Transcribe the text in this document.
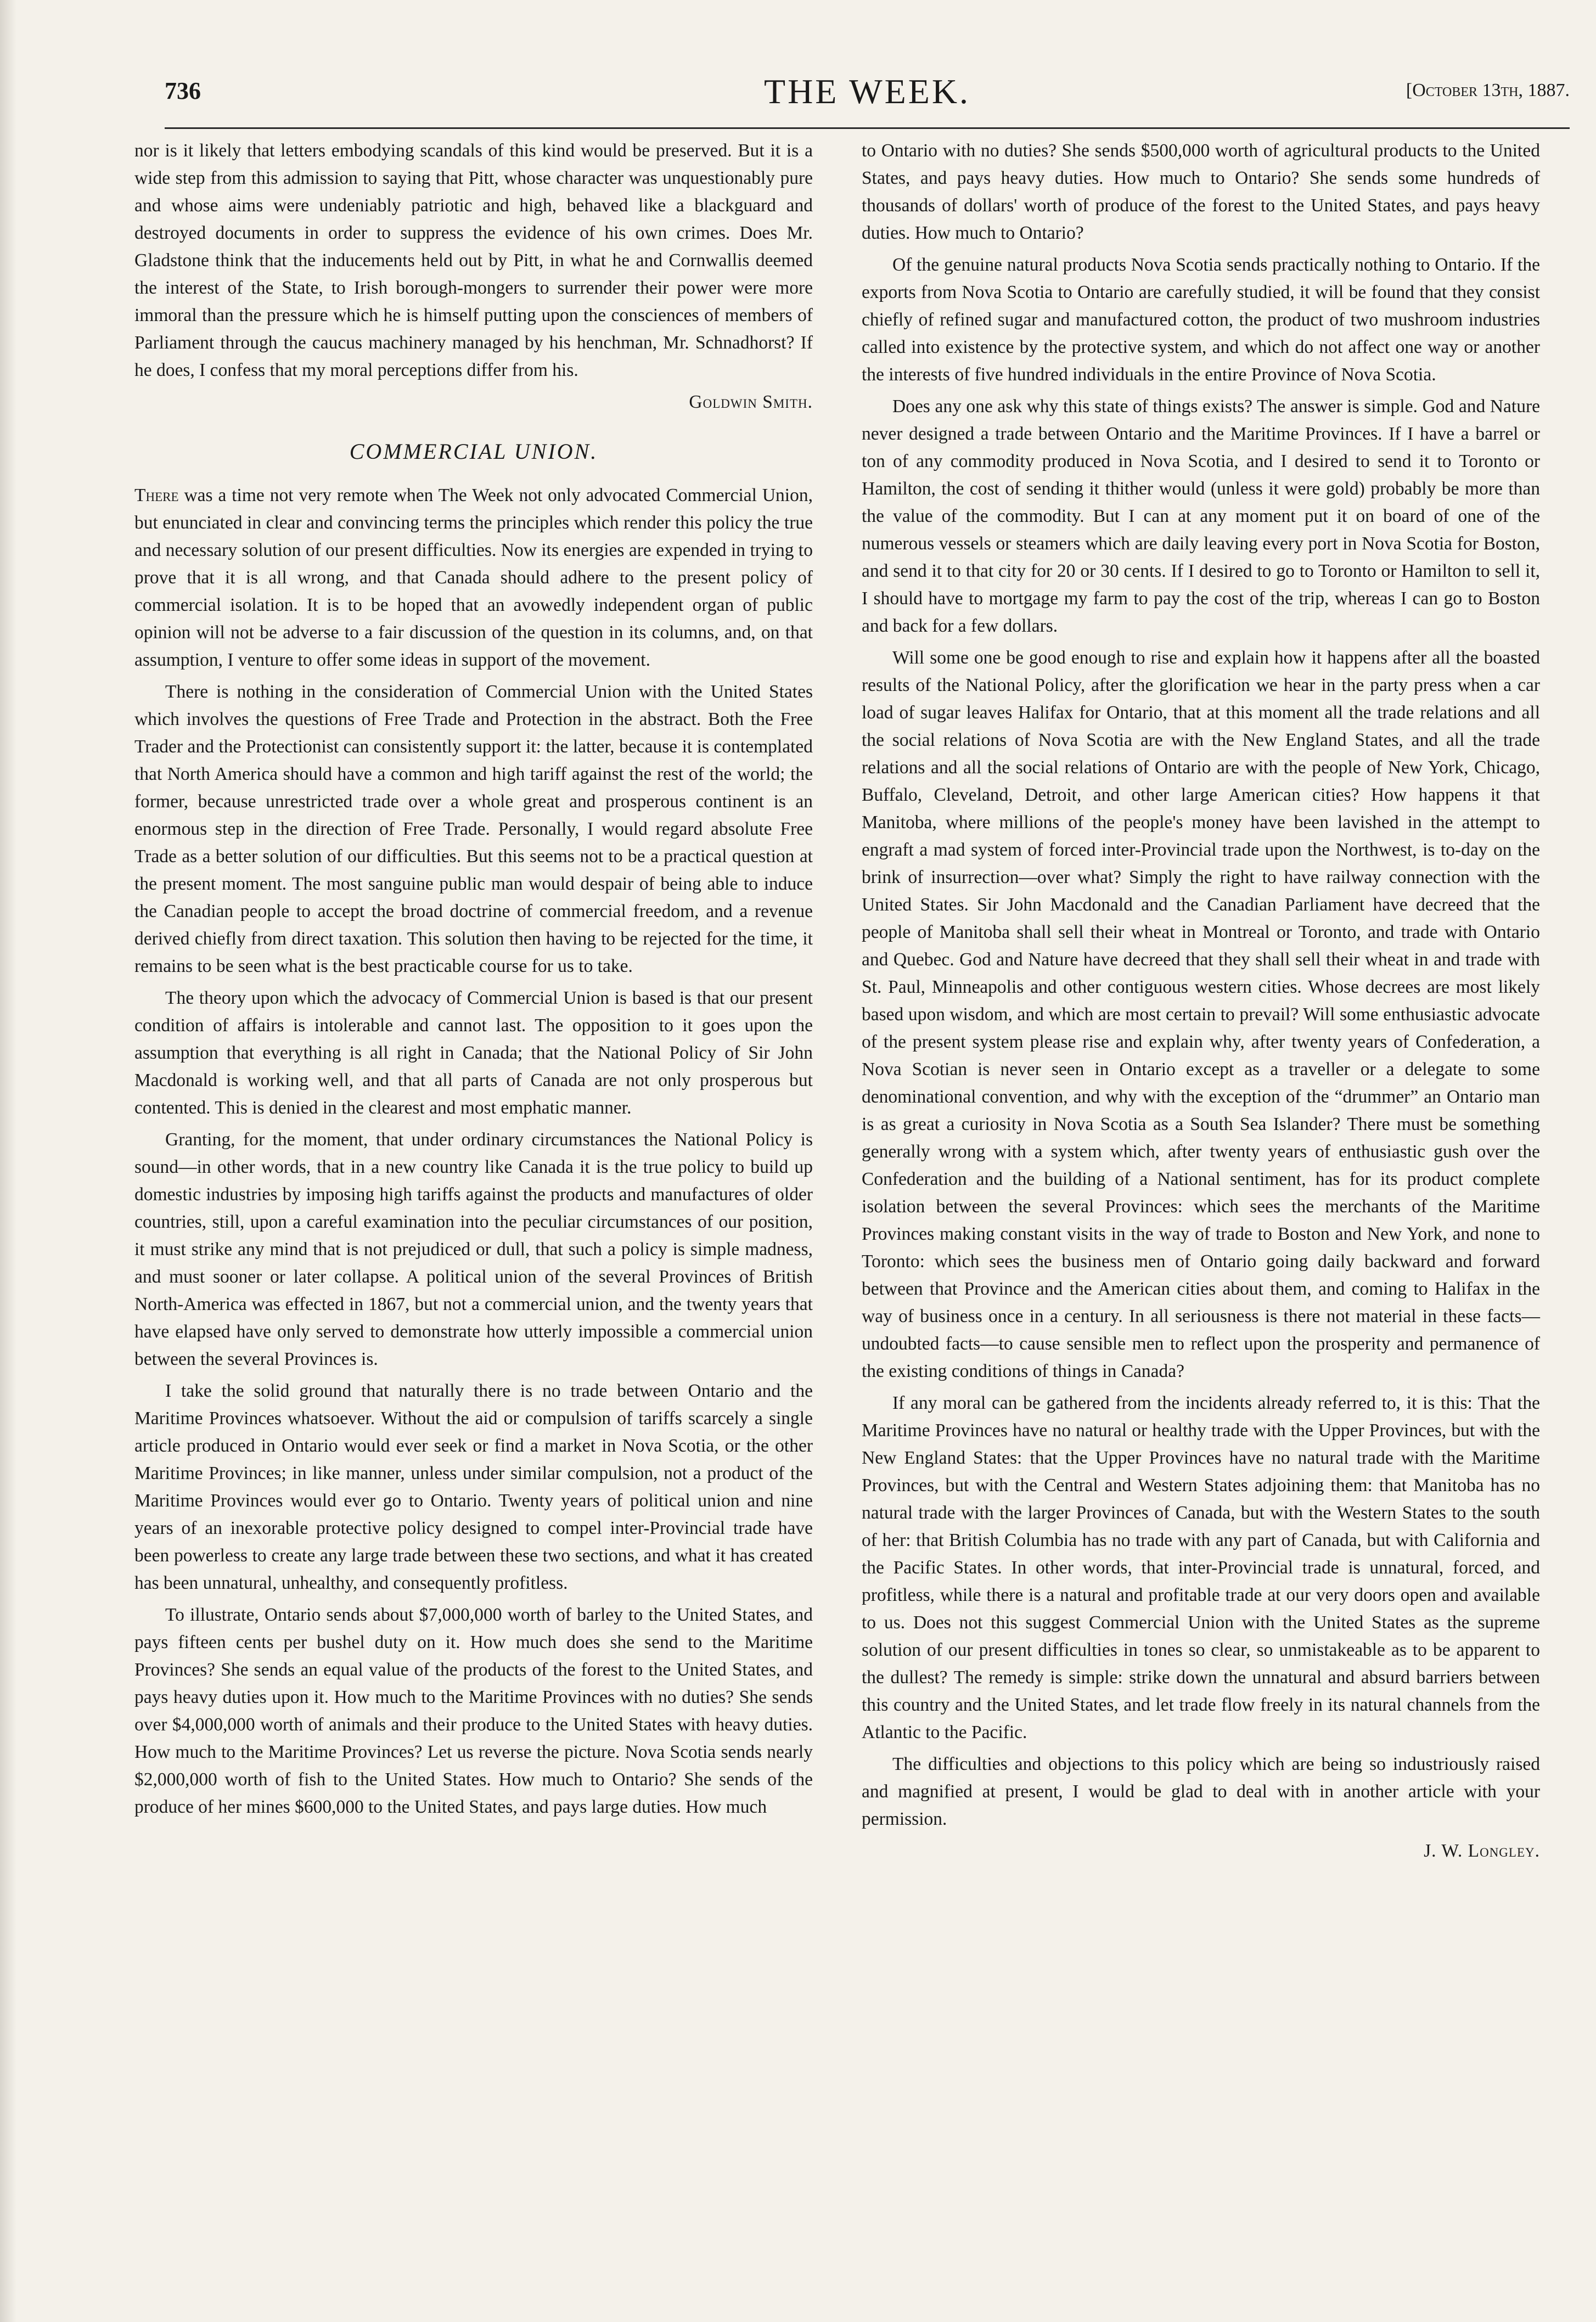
736	THE WEEK.	[October 13th, 1887.

nor is it likely that letters embodying scandals of this kind would be preserved. But it is a wide step from this admission to saying that Pitt, whose character was unquestionably pure and whose aims were undeniably patriotic and high, behaved like a blackguard and destroyed documents in order to suppress the evidence of his own crimes. Does Mr. Gladstone think that the inducements held out by Pitt, in what he and Cornwallis deemed the interest of the State, to Irish borough-mongers to surrender their power were more immoral than the pressure which he is himself putting upon the consciences of members of Parliament through the caucus machinery managed by his henchman, Mr. Schnadhorst? If he does, I confess that my moral perceptions differ from his.

Goldwin Smith.

COMMERCIAL UNION.

There was a time not very remote when The Week not only advocated Commercial Union, but enunciated in clear and convincing terms the principles which render this policy the true and necessary solution of our present difficulties. Now its energies are expended in trying to prove that it is all wrong, and that Canada should adhere to the present policy of commercial isolation. It is to be hoped that an avowedly independent organ of public opinion will not be adverse to a fair discussion of the question in its columns, and, on that assumption, I venture to offer some ideas in support of the movement.

There is nothing in the consideration of Commercial Union with the United States which involves the questions of Free Trade and Protection in the abstract. Both the Free Trader and the Protectionist can consistently support it: the latter, because it is contemplated that North America should have a common and high tariff against the rest of the world; the former, because unrestricted trade over a whole great and prosperous continent is an enormous step in the direction of Free Trade. Personally, I would regard absolute Free Trade as a better solution of our difficulties. But this seems not to be a practical question at the present moment. The most sanguine public man would despair of being able to induce the Canadian people to accept the broad doctrine of commercial freedom, and a revenue derived chiefly from direct taxation. This solution then having to be rejected for the time, it remains to be seen what is the best practicable course for us to take.

The theory upon which the advocacy of Commercial Union is based is that our present condition of affairs is intolerable and cannot last. The opposition to it goes upon the assumption that everything is all right in Canada; that the National Policy of Sir John Macdonald is working well, and that all parts of Canada are not only prosperous but contented. This is denied in the clearest and most emphatic manner.

Granting, for the moment, that under ordinary circumstances the National Policy is sound—in other words, that in a new country like Canada it is the true policy to build up domestic industries by imposing high tariffs against the products and manufactures of older countries, still, upon a careful examination into the peculiar circumstances of our position, it must strike any mind that is not prejudiced or dull, that such a policy is simple madness, and must sooner or later collapse. A political union of the several Provinces of British North-America was effected in 1867, but not a commercial union, and the twenty years that have elapsed have only served to demonstrate how utterly impossible a commercial union between the several Provinces is.

I take the solid ground that naturally there is no trade between Ontario and the Maritime Provinces whatsoever. Without the aid or compulsion of tariffs scarcely a single article produced in Ontario would ever seek or find a market in Nova Scotia, or the other Maritime Provinces; in like manner, unless under similar compulsion, not a product of the Maritime Provinces would ever go to Ontario. Twenty years of political union and nine years of an inexorable protective policy designed to compel inter-Provincial trade have been powerless to create any large trade between these two sections, and what it has created has been unnatural, unhealthy, and consequently profitless.

To illustrate, Ontario sends about $7,000,000 worth of barley to the United States, and pays fifteen cents per bushel duty on it. How much does she send to the Maritime Provinces? She sends an equal value of the products of the forest to the United States, and pays heavy duties upon it. How much to the Maritime Provinces with no duties? She sends over $4,000,000 worth of animals and their produce to the United States with heavy duties. How much to the Maritime Provinces? Let us reverse the picture. Nova Scotia sends nearly $2,000,000 worth of fish to the United States. How much to Ontario? She sends of the produce of her mines $600,000 to the United States, and pays large duties. How much

to Ontario with no duties? She sends $500,000 worth of agricultural products to the United States, and pays heavy duties. How much to Ontario? She sends some hundreds of thousands of dollars' worth of produce of the forest to the United States, and pays heavy duties. How much to Ontario?

Of the genuine natural products Nova Scotia sends practically nothing to Ontario. If the exports from Nova Scotia to Ontario are carefully studied, it will be found that they consist chiefly of refined sugar and manufactured cotton, the product of two mushroom industries called into existence by the protective system, and which do not affect one way or another the interests of five hundred individuals in the entire Province of Nova Scotia.

Does any one ask why this state of things exists? The answer is simple. God and Nature never designed a trade between Ontario and the Maritime Provinces. If I have a barrel or ton of any commodity produced in Nova Scotia, and I desired to send it to Toronto or Hamilton, the cost of sending it thither would (unless it were gold) probably be more than the value of the commodity. But I can at any moment put it on board of one of the numerous vessels or steamers which are daily leaving every port in Nova Scotia for Boston, and send it to that city for 20 or 30 cents. If I desired to go to Toronto or Hamilton to sell it, I should have to mortgage my farm to pay the cost of the trip, whereas I can go to Boston and back for a few dollars.

Will some one be good enough to rise and explain how it happens after all the boasted results of the National Policy, after the glorification we hear in the party press when a car load of sugar leaves Halifax for Ontario, that at this moment all the trade relations and all the social relations of Nova Scotia are with the New England States, and all the trade relations and all the social relations of Ontario are with the people of New York, Chicago, Buffalo, Cleveland, Detroit, and other large American cities? How happens it that Manitoba, where millions of the people's money have been lavished in the attempt to engraft a mad system of forced inter-Provincial trade upon the Northwest, is to-day on the brink of insurrection—over what? Simply the right to have railway connection with the United States. Sir John Macdonald and the Canadian Parliament have decreed that the people of Manitoba shall sell their wheat in Montreal or Toronto, and trade with Ontario and Quebec. God and Nature have decreed that they shall sell their wheat in and trade with St. Paul, Minneapolis and other contiguous western cities. Whose decrees are most likely based upon wisdom, and which are most certain to prevail? Will some enthusiastic advocate of the present system please rise and explain why, after twenty years of Confederation, a Nova Scotian is never seen in Ontario except as a traveller or a delegate to some denominational convention, and why with the exception of the “drummer” an Ontario man is as great a curiosity in Nova Scotia as a South Sea Islander? There must be something generally wrong with a system which, after twenty years of enthusiastic gush over the Confederation and the building of a National sentiment, has for its product complete isolation between the several Provinces: which sees the merchants of the Maritime Provinces making constant visits in the way of trade to Boston and New York, and none to Toronto: which sees the business men of Ontario going daily backward and forward between that Province and the American cities about them, and coming to Halifax in the way of business once in a century. In all seriousness is there not material in these facts—undoubted facts—to cause sensible men to reflect upon the prosperity and permanence of the existing conditions of things in Canada?

If any moral can be gathered from the incidents already referred to, it is this: That the Maritime Provinces have no natural or healthy trade with the Upper Provinces, but with the New England States: that the Upper Provinces have no natural trade with the Maritime Provinces, but with the Central and Western States adjoining them: that Manitoba has no natural trade with the larger Provinces of Canada, but with the Western States to the south of her: that British Columbia has no trade with any part of Canada, but with California and the Pacific States. In other words, that inter-Provincial trade is unnatural, forced, and profitless, while there is a natural and profitable trade at our very doors open and available to us. Does not this suggest Commercial Union with the United States as the supreme solution of our present difficulties in tones so clear, so unmistakeable as to be apparent to the dullest? The remedy is simple: strike down the unnatural and absurd barriers between this country and the United States, and let trade flow freely in its natural channels from the Atlantic to the Pacific.

The difficulties and objections to this policy which are being so industriously raised and magnified at present, I would be glad to deal with in another article with your permission.

J. W. Longley.
